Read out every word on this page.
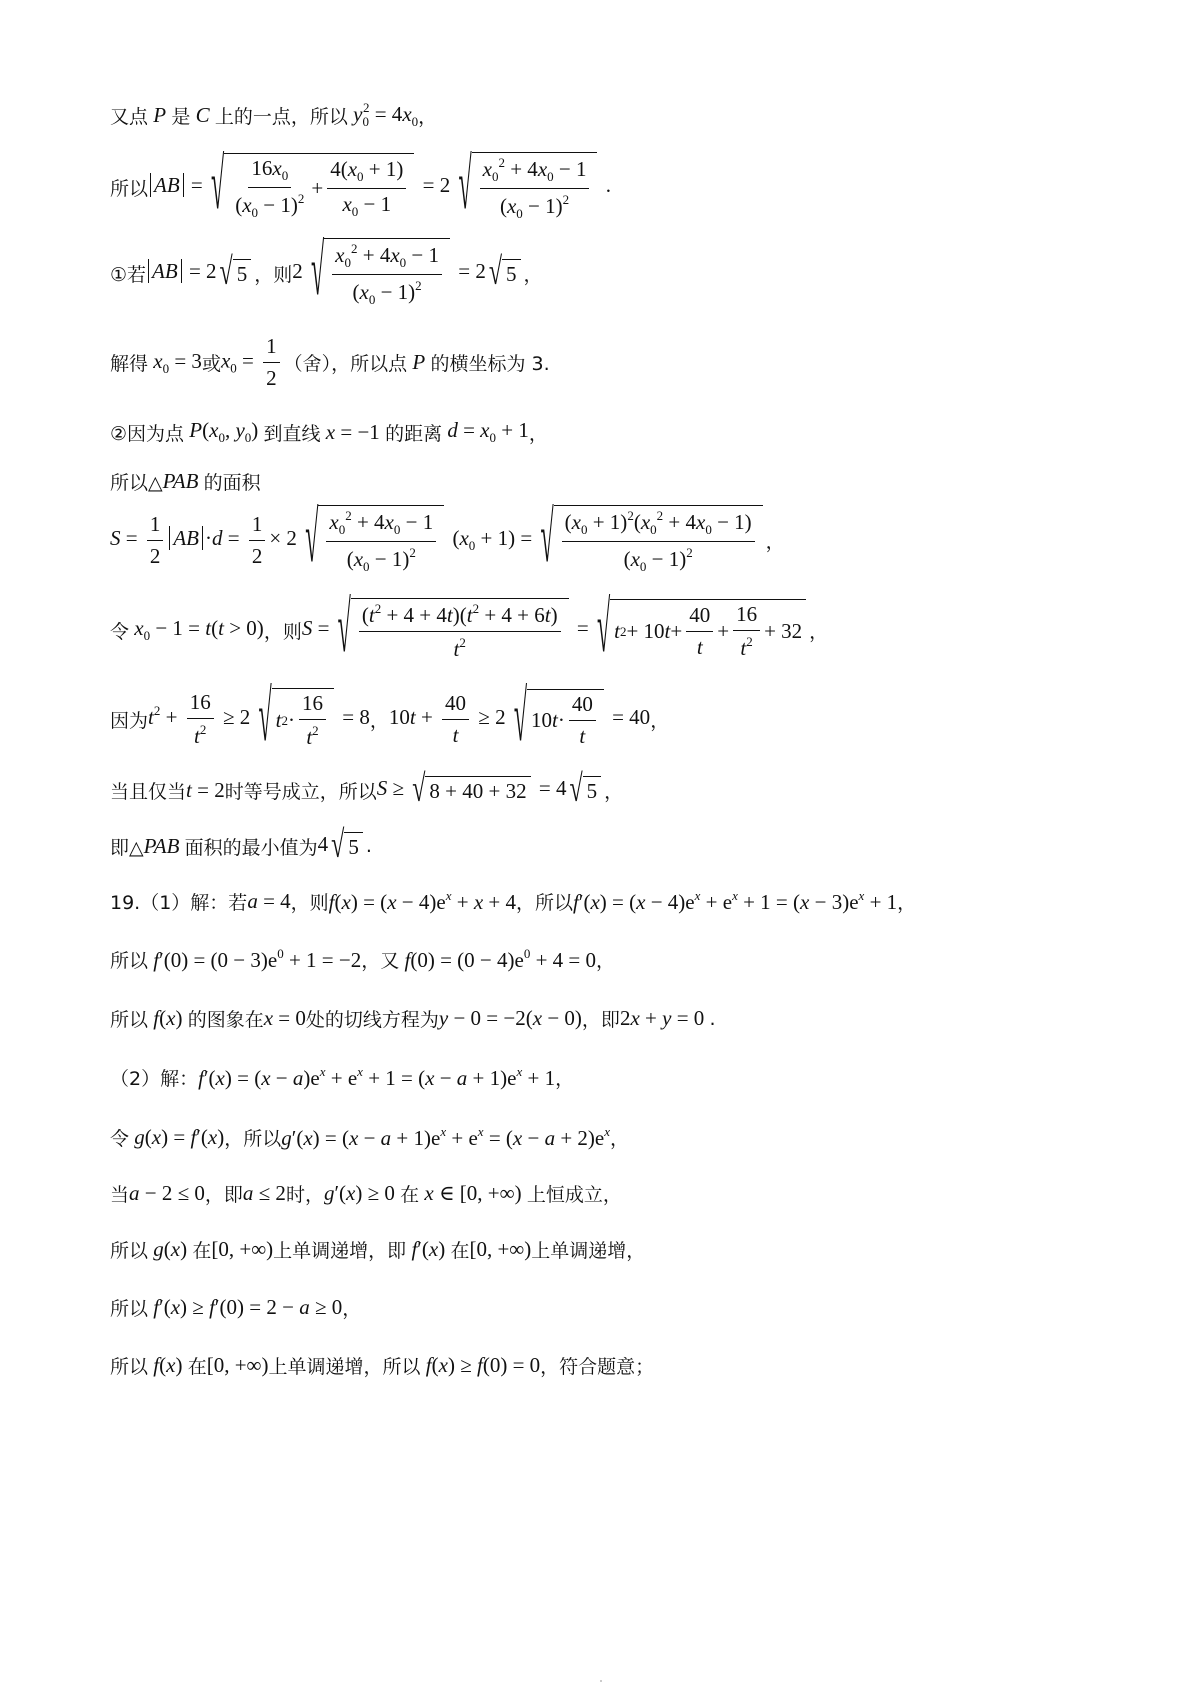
又点 P 是 C 上的一点，所以 $y_0^2 = 4x_0$ ，
所以 AB = √ $\frac{16x_0}{(x_0 - 1)^2} + \frac{4(x_0 + 1)}{x_0 - 1} = 2$ √ $\frac{x_0^2 + 4x_0 - 1}{(x_0 - 1)^2}$ .
①若 AB = 2 √ 5 ，则 2 √ $\frac{x_0^2 + 4x_0 - 1}{(x_0 - 1)^2} = 2$ √ 5 ，
解得 $x_0 = 3$ 或 $x_0 = \frac{1}{2}$ （舍），所以点 P 的横坐标为 3.
②因为点 $P(x_0$, $y_0$) 到直线 x = −1 的距离 $d = x_0 + 1$ ，
所以△ PAB 的面积
$S = \frac{1}{2}$ AB $\cdot d = \frac{1}{2} \times 2$ √ $\frac{x_0^2 + 4x_0 - 1}{(x_0 - 1)^2} (x_0 + 1)$ = √ $\frac{(x_0 + 1)^2(x_0^2 + 4x_0 - 1)}{(x_0 - 1)^2}$ ，
令 $x_0 - 1 = t(t > 0)$ ，则 S = √ $\frac{(t^2 + 4 + 4t)(t^2 + 4 + 6t)}{t^2}$ = √ t 2 + 10 $t + \frac{40}{t} + \frac{16}{t^2} + 32$ ，
因为 $t^2 + \frac{16}{t^2} \ge 2$ √ t $2 \cdot \frac{16}{t^2} = 8$ ， $10t + \frac{40}{t} \ge 2$ √ 10 $t \cdot \frac{40}{t} = 40$ ，
当且仅当 t = 2 时等号成立，所以 S ≥ √ 8 + 40 + 32 = 4 √ 5 ，
即△ PAB 面积的最小值为 4 √ 5 .
19.（1）解：若 a = 4 ，则 $f(x) = (x - 4)e^x + x + 4$ ，所以 $f'(x) = (x - 4)e^x + e^x + 1 = (x - 3)e^x + 1$ ，
所以 $f'(0) = (0 - 3)e^0 + 1 = -2$ ，又 $f(0) = (0 - 4)e^0 + 4 = 0$ ，
所以 f(x) 的图象在 x = 0 处的切线方程为 y − 0 = −2(x − 0) ，即 2x + y = 0 .
（2）解： $f'(x) = (x - a)e^x + e^x + 1 = (x - a + 1)e^x + 1$ ，
令 g(x) = f′(x) ，所以 $g'(x) = (x - a + 1)e^x + e^x = (x - a + 2)e^x$ ，
当 a − 2 ≤ 0 ，即 a ≤ 2 时， g′(x) ≥ 0 在 x ∈ [0, +∞) 上恒成立，
所以 g(x) 在 [0, +∞) 上单调递增，即 f′(x) 在 [0, +∞) 上单调递增，
所以 f′(x) ≥ f′(0) = 2 − a ≥ 0 ，
所以 f(x) 在 [0, +∞) 上单调递增，所以 f(x) ≥ f(0) = 0 ，符合题意；
